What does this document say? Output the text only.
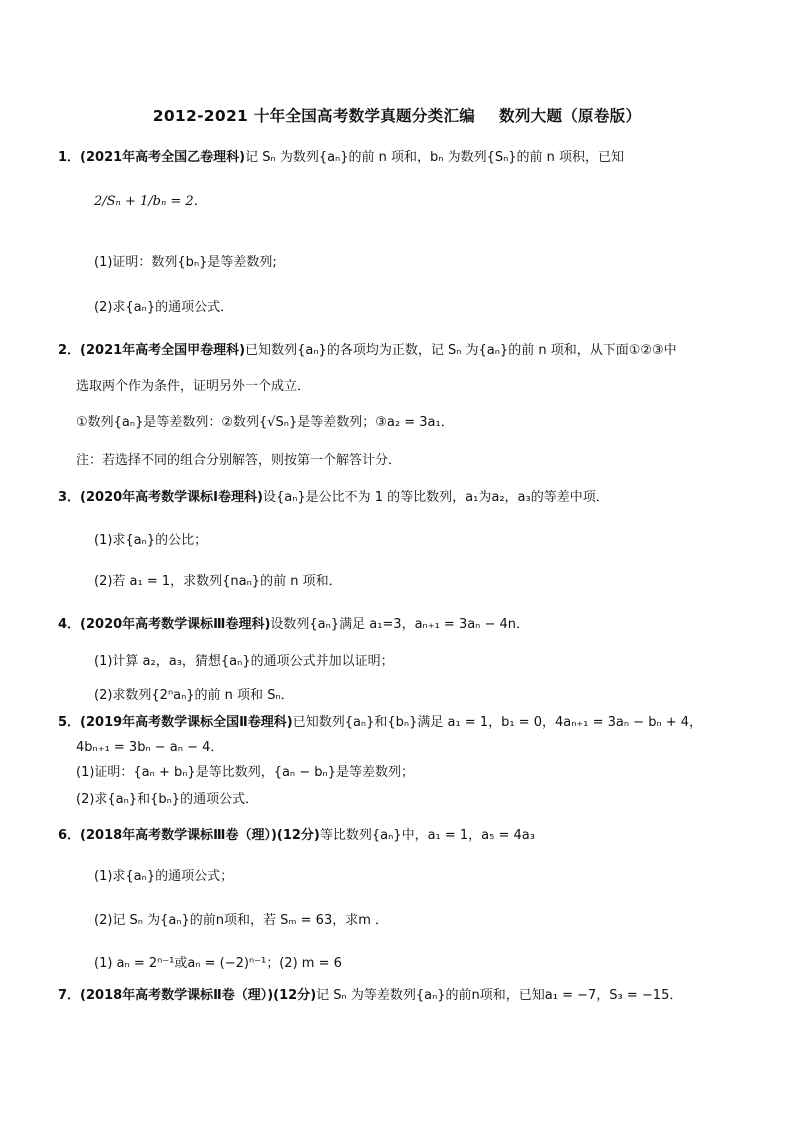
2012-2021 十年全国高考数学真题分类汇编 数列大题（原卷版）
1．(2021年高考全国乙卷理科)记 Sₙ 为数列{aₙ}的前 n 项和，bₙ 为数列{Sₙ}的前 n 项积，已知
2/Sₙ + 1/bₙ = 2．
(1)证明：数列{bₙ}是等差数列;
(2)求{aₙ}的通项公式．
2．(2021年高考全国甲卷理科)已知数列{aₙ}的各项均为正数，记 Sₙ 为{aₙ}的前 n 项和，从下面①②③中
选取两个作为条件，证明另外一个成立．
①数列{aₙ}是等差数列：②数列{√Sₙ}是等差数列；③a₂ = 3a₁．
注：若选择不同的组合分别解答，则按第一个解答计分．
3．(2020年高考数学课标Ⅰ卷理科)设{aₙ}是公比不为 1 的等比数列，a₁为a₂，a₃的等差中项．
(1)求{aₙ}的公比；
(2)若 a₁ = 1，求数列{naₙ}的前 n 项和．
4．(2020年高考数学课标Ⅲ卷理科)设数列{aₙ}满足 a₁=3，aₙ₊₁ = 3aₙ − 4n．
(1)计算 a₂，a₃，猜想{aₙ}的通项公式并加以证明；
(2)求数列{2ⁿaₙ}的前 n 项和 Sₙ．
5．(2019年高考数学课标全国Ⅱ卷理科)已知数列{aₙ}和{bₙ}满足 a₁ = 1，b₁ = 0，4aₙ₊₁ = 3aₙ − bₙ + 4，
4bₙ₊₁ = 3bₙ − aₙ − 4．
(1)证明：{aₙ + bₙ}是等比数列，{aₙ − bₙ}是等差数列；
(2)求{aₙ}和{bₙ}的通项公式．
6．(2018年高考数学课标Ⅲ卷（理）)(12分)等比数列{aₙ}中，a₁ = 1，a₅ = 4a₃
(1)求{aₙ}的通项公式；
(2)记 Sₙ 为{aₙ}的前n项和，若 Sₘ = 63，求m ．
(1) aₙ = 2ⁿ⁻¹或aₙ = (−2)ⁿ⁻¹；(2) m = 6
7．(2018年高考数学课标Ⅱ卷（理）)(12分)记 Sₙ 为等差数列{aₙ}的前n项和，已知a₁ = −7，S₃ = −15．
